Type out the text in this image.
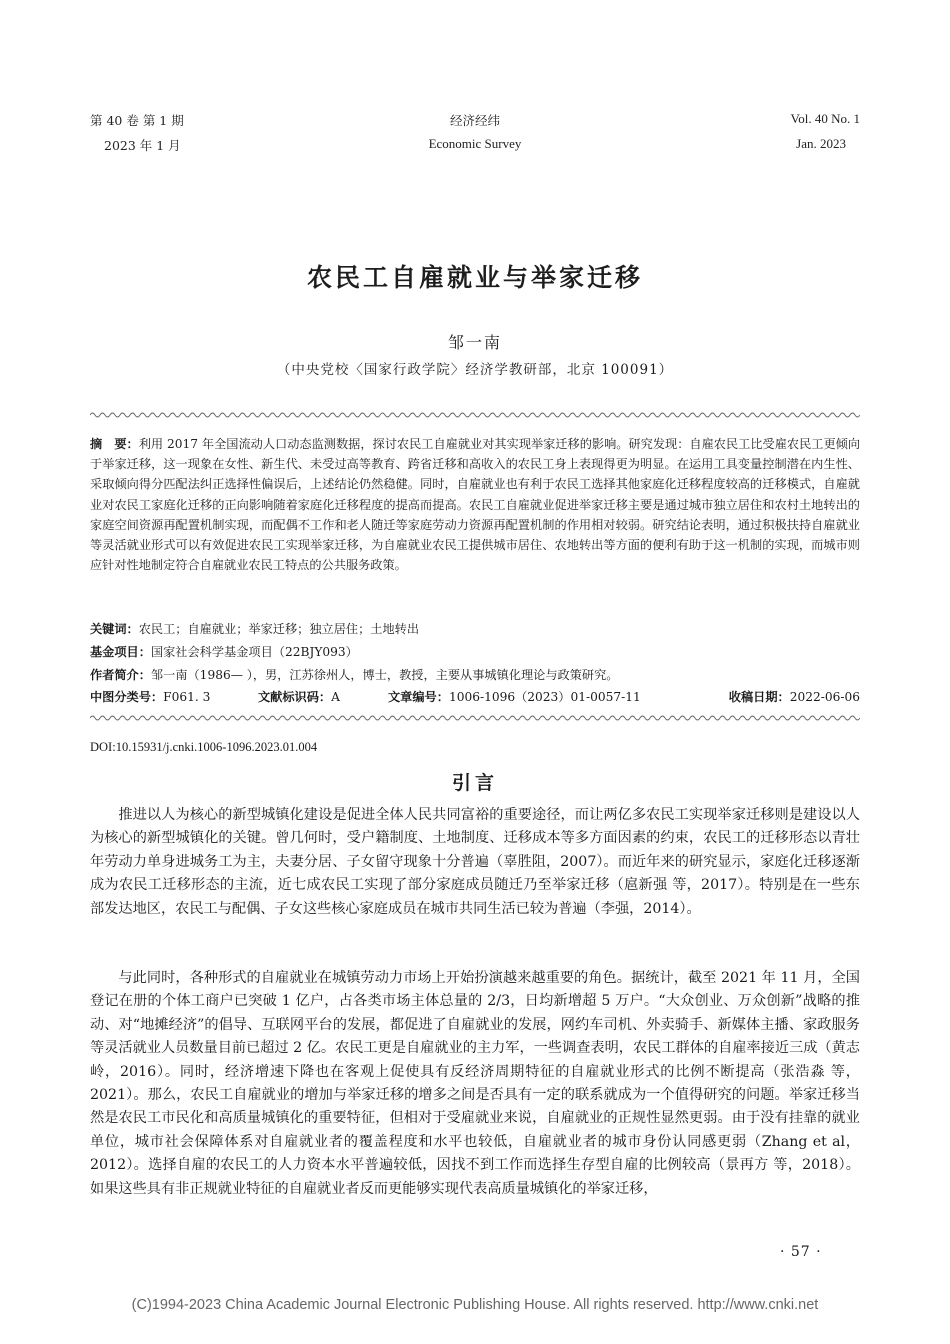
第 40 卷 第 1 期
2023 年 1 月
经济经纬
Economic Survey
Vol. 40 No. 1
Jan. 2023
农民工自雇就业与举家迁移
邹一南
（中央党校〈国家行政学院〉经济学教研部，北京 100091）
摘　要：利用 2017 年全国流动人口动态监测数据，探讨农民工自雇就业对其实现举家迁移的影响。研究发现：自雇农民工比受雇农民工更倾向于举家迁移，这一现象在女性、新生代、未受过高等教育、跨省迁移和高收入的农民工身上表现得更为明显。在运用工具变量控制潜在内生性、采取倾向得分匹配法纠正选择性偏误后，上述结论仍然稳健。同时，自雇就业也有利于农民工选择其他家庭化迁移程度较高的迁移模式，自雇就业对农民工家庭化迁移的正向影响随着家庭化迁移程度的提高而提高。农民工自雇就业促进举家迁移主要是通过城市独立居住和农村土地转出的家庭空间资源再配置机制实现，而配偶不工作和老人随迁等家庭劳动力资源再配置机制的作用相对较弱。研究结论表明，通过积极扶持自雇就业等灵活就业形式可以有效促进农民工实现举家迁移，为自雇就业农民工提供城市居住、农地转出等方面的便利有助于这一机制的实现，而城市则应针对性地制定符合自雇就业农民工特点的公共服务政策。
关键词：农民工；自雇就业；举家迁移；独立居住；土地转出
基金项目：国家社会科学基金项目（22BJY093）
作者简介：邹一南（1986— ），男，江苏徐州人，博士，教授，主要从事城镇化理论与政策研究。
中图分类号：F061. 3	文献标识码：A	文章编号：1006-1096（2023）01-0057-11	收稿日期：2022-06-06
DOI:10.15931/j.cnki.1006-1096.2023.01.004
引言
推进以人为核心的新型城镇化建设是促进全体人民共同富裕的重要途径，而让两亿多农民工实现举家迁移则是建设以人为核心的新型城镇化的关键。曾几何时，受户籍制度、土地制度、迁移成本等多方面因素的约束，农民工的迁移形态以青壮年劳动力单身进城务工为主，夫妻分居、子女留守现象十分普遍（辜胜阻，2007）。而近年来的研究显示，家庭化迁移逐渐成为农民工迁移形态的主流，近七成农民工实现了部分家庭成员随迁乃至举家迁移（扈新强 等，2017）。特别是在一些东部发达地区，农民工与配偶、子女这些核心家庭成员在城市共同生活已较为普遍（李强，2014）。
与此同时，各种形式的自雇就业在城镇劳动力市场上开始扮演越来越重要的角色。据统计，截至 2021 年 11 月，全国登记在册的个体工商户已突破 1 亿户，占各类市场主体总量的 2/3，日均新增超 5 万户。“大众创业、万众创新”战略的推动、对“地摊经济”的倡导、互联网平台的发展，都促进了自雇就业的发展，网约车司机、外卖骑手、新媒体主播、家政服务等灵活就业人员数量目前已超过 2 亿。农民工更是自雇就业的主力军，一些调查表明，农民工群体的自雇率接近三成（黄志岭，2016）。同时，经济增速下降也在客观上促使具有反经济周期特征的自雇就业形式的比例不断提高（张浩淼 等，2021）。那么，农民工自雇就业的增加与举家迁移的增多之间是否具有一定的联系就成为一个值得研究的问题。举家迁移当然是农民工市民化和高质量城镇化的重要特征，但相对于受雇就业来说，自雇就业的正规性显然更弱。由于没有挂靠的就业单位，城市社会保障体系对自雇就业者的覆盖程度和水平也较低，自雇就业者的城市身份认同感更弱（Zhang et al，2012）。选择自雇的农民工的人力资本水平普遍较低，因找不到工作而选择生存型自雇的比例较高（景再方 等，2018）。如果这些具有非正规就业特征的自雇就业者反而更能够实现代表高质量城镇化的举家迁移，
· 57 ·
(C)1994-2023 China Academic Journal Electronic Publishing House. All rights reserved. http://www.cnki.net
